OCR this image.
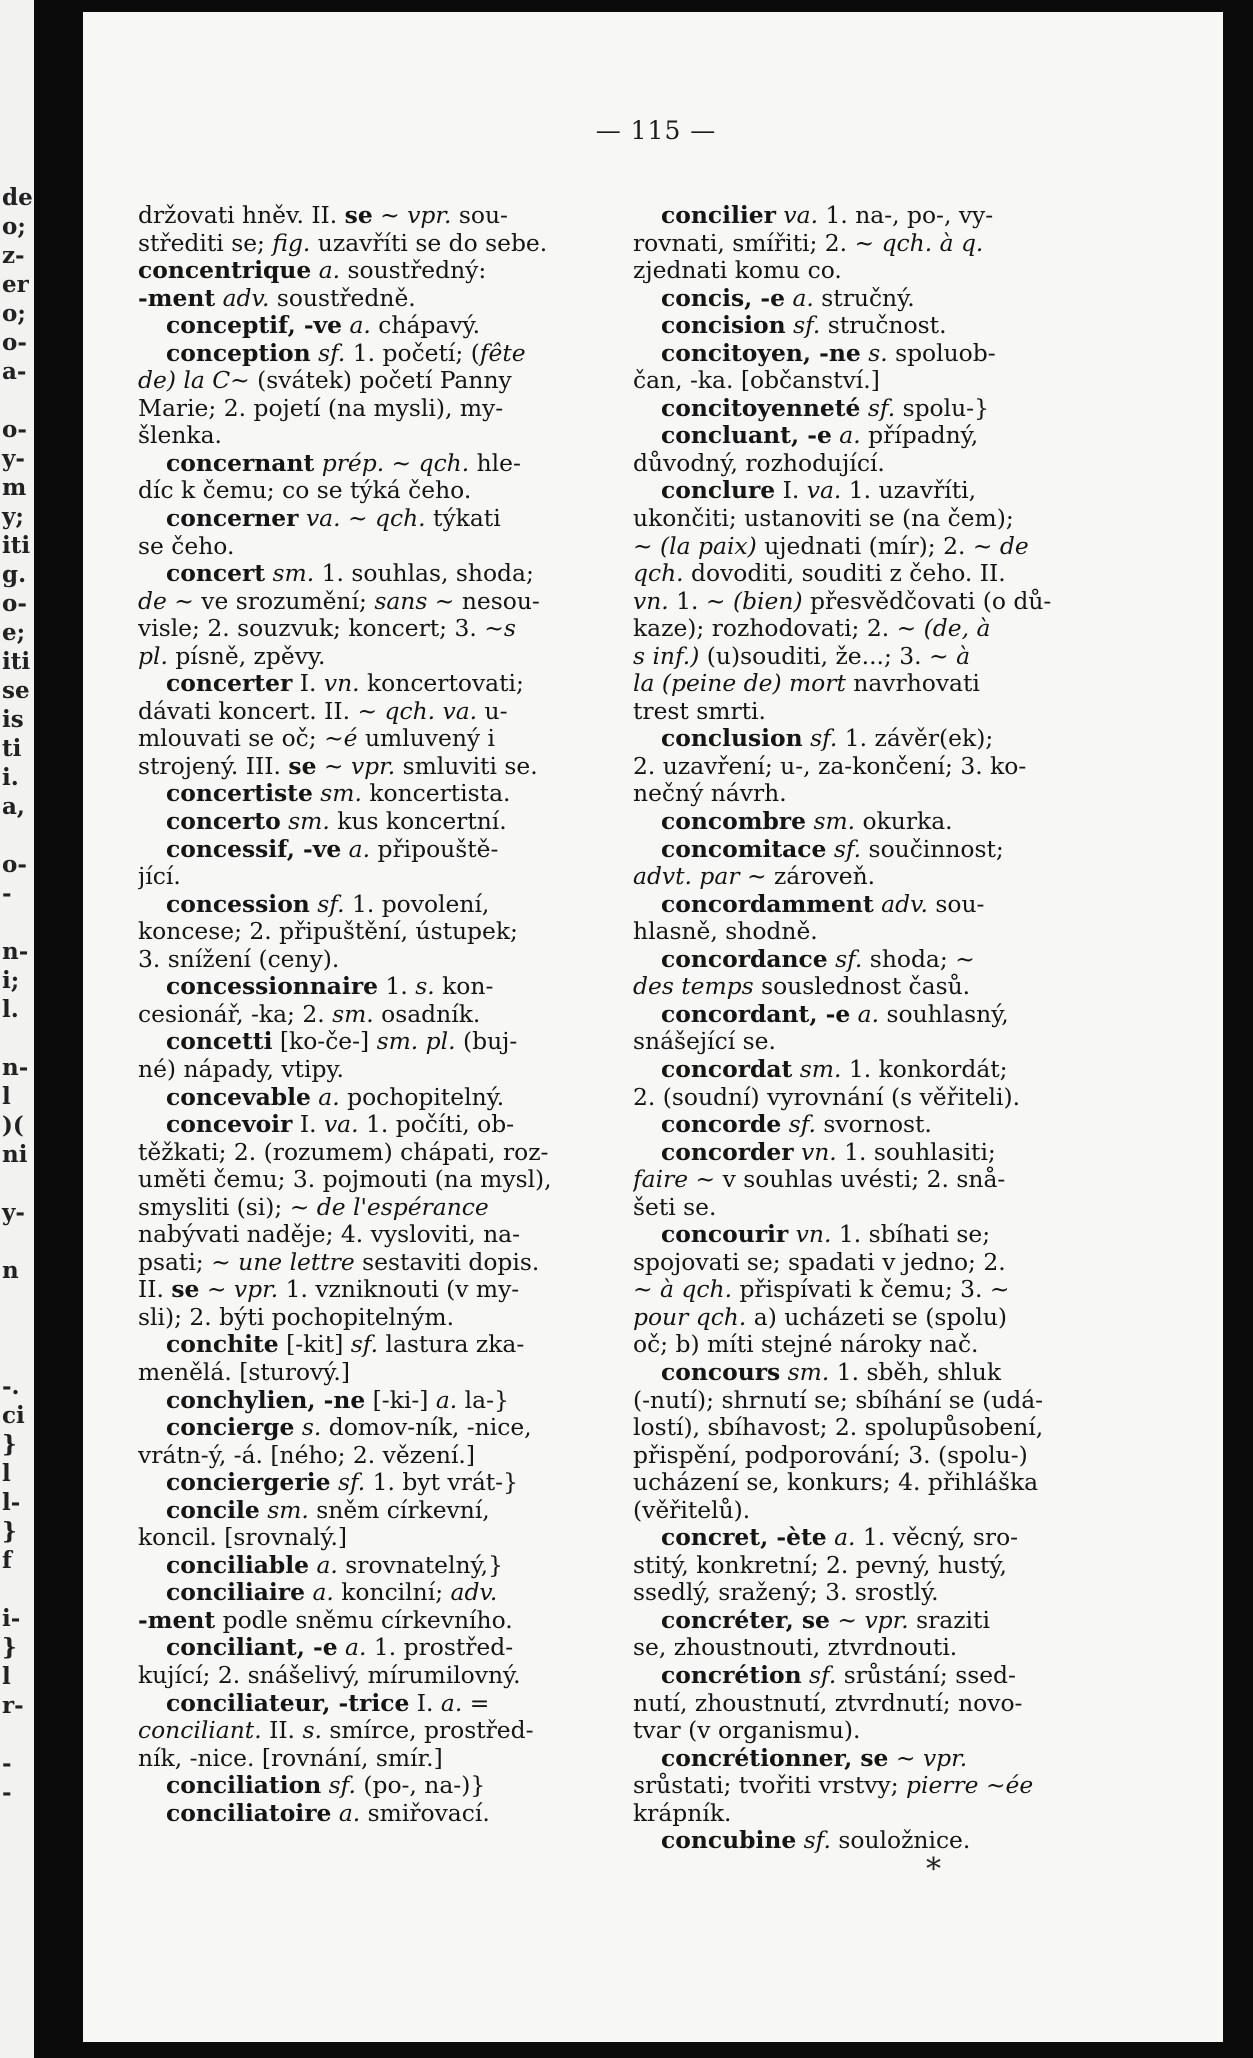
de
o;
z-
er
o;
o-
a-
o-
y-
m
y;
iti
g.
o-
e;
iti
se
is
ti
i.
a,
o-
-
n-
i;
l.
n-
l
)(
ni
y-
n
-.
ci
}
l
l-
}
f
i-
}
l
r-
-
-
— 115 —
držovati hněv. II. se ~ vpr. sou-
střediti se; fig. uzavříti se do sebe.
concentrique a. soustředný:
-ment adv. soustředně.
conceptif, -ve a. chápavý.
conception sf. 1. početí; (fête
de) la C~ (svátek) početí Panny
Marie; 2. pojetí (na mysli), my-
šlenka.
concernant prép. ~ qch. hle-
díc k čemu; co se týká čeho.
concerner va. ~ qch. týkati
se čeho.
concert sm. 1. souhlas, shoda;
de ~ ve srozumění; sans ~ nesou-
visle; 2. souzvuk; koncert; 3. ~s
pl. písně, zpěvy.
concerter I. vn. koncertovati;
dávati koncert. II. ~ qch. va. u-
mlouvati se oč; ~é umluvený i
strojený. III. se ~ vpr. smluviti se.
concertiste sm. koncertista.
concerto sm. kus koncertní.
concessif, -ve a. připouště-
jící.
concession sf. 1. povolení,
koncese; 2. připuštění, ústupek;
3. snížení (ceny).
concessionnaire 1. s. kon-
cesionář, -ka; 2. sm. osadník.
concetti [ko-če-] sm. pl. (buj-
né) nápady, vtipy.
concevable a. pochopitelný.
concevoir I. va. 1. počíti, ob-
těžkati; 2. (rozumem) chápati, roz-
uměti čemu; 3. pojmouti (na mysl),
smysliti (si); ~ de l'espérance
nabývati naděje; 4. vysloviti, na-
psati; ~ une lettre sestaviti dopis.
II. se ~ vpr. 1. vzniknouti (v my-
sli); 2. býti pochopitelným.
conchite [-kit] sf. lastura zka-
menělá. [sturový.]
conchylien, -ne [-ki-] a. la-}
concierge s. domov-ník, -nice,
vrátn-ý, -á. [ného; 2. vězení.]
conciergerie sf. 1. byt vrát-}
concile sm. sněm církevní,
koncil. [srovnalý.]
conciliable a. srovnatelný,}
conciliaire a. koncilní; adv.
-ment podle sněmu církevního.
conciliant, -e a. 1. prostřed-
kující; 2. snášelivý, mírumilovný.
conciliateur, -trice I. a. =
conciliant. II. s. smírce, prostřed-
ník, -nice. [rovnání, smír.]
conciliation sf. (po-, na-)}
conciliatoire a. smiřovací.
concilier va. 1. na-, po-, vy-
rovnati, smířiti; 2. ~ qch. à q.
zjednati komu co.
concis, -e a. stručný.
concision sf. stručnost.
concitoyen, -ne s. spoluob-
čan, -ka. [občanství.]
concitoyenneté sf. spolu-}
concluant, -e a. případný,
důvodný, rozhodující.
conclure I. va. 1. uzavříti,
ukončiti; ustanoviti se (na čem);
~ (la paix) ujednati (mír); 2. ~ de
qch. dovoditi, souditi z čeho. II.
vn. 1. ~ (bien) přesvědčovati (o dů-
kaze); rozhodovati; 2. ~ (de, à
s inf.) (u)souditi, že...; 3. ~ à
la (peine de) mort navrhovati
trest smrti.
conclusion sf. 1. závěr(ek);
2. uzavření; u-, za-končení; 3. ko-
nečný návrh.
concombre sm. okurka.
concomitace sf. součinnost;
advt. par ~ zároveň.
concordamment adv. sou-
hlasně, shodně.
concordance sf. shoda; ~
des temps souslednost časů.
concordant, -e a. souhlasný,
snášející se.
concordat sm. 1. konkordát;
2. (soudní) vyrovnání (s věřiteli).
concorde sf. svornost.
concorder vn. 1. souhlasiti;
faire ~ v souhlas uvésti; 2. snå-
šeti se.
concourir vn. 1. sbíhati se;
spojovati se; spadati v jedno; 2.
~ à qch. přispívati k čemu; 3. ~
pour qch. a) ucházeti se (spolu)
oč; b) míti stejné nároky nač.
concours sm. 1. sběh, shluk
(-nutí); shrnutí se; sbíhání se (udá-
lostí), sbíhavost; 2. spolupůsobení,
přispění, podporování; 3. (spolu-)
ucházení se, konkurs; 4. přihláška
(věřitelů).
concret, -ète a. 1. věcný, sro-
stitý, konkretní; 2. pevný, hustý,
ssedlý, sražený; 3. srostlý.
concréter, se ~ vpr. sraziti
se, zhoustnouti, ztvrdnouti.
concrétion sf. srůstání; ssed-
nutí, zhoustnutí, ztvrdnutí; novo-
tvar (v organismu).
concrétionner, se ~ vpr.
srůstati; tvořiti vrstvy; pierre ~ée
krápník.
concubine sf. souložnice.
*
